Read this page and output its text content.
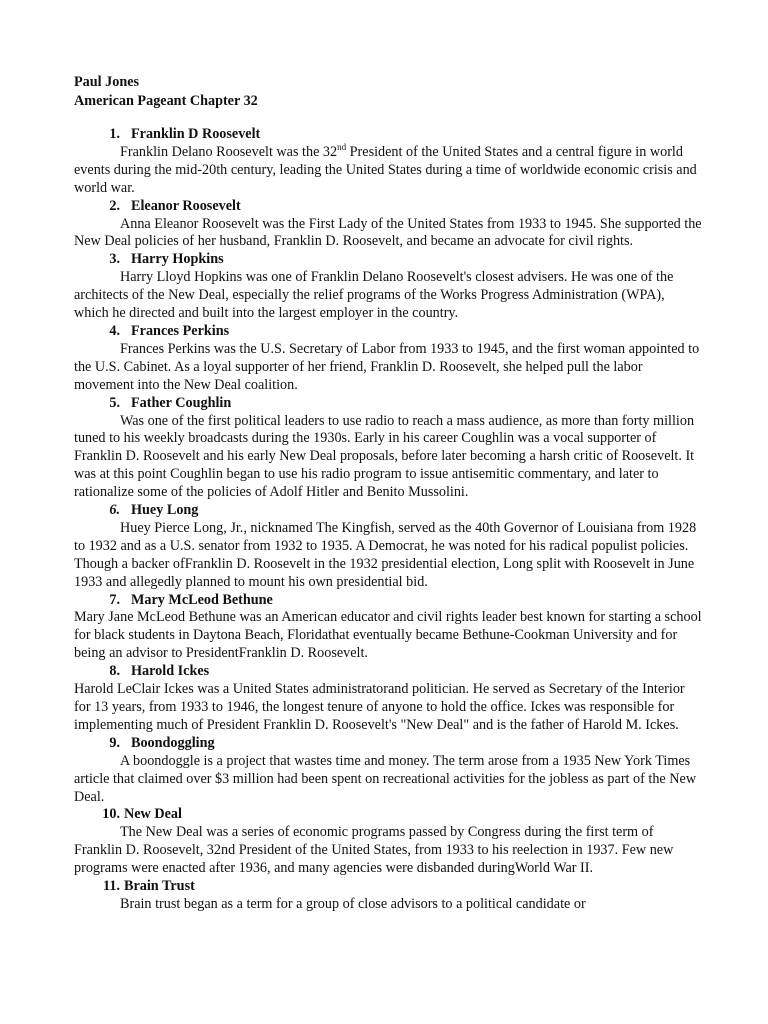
Paul Jones
American Pageant Chapter 32
1. Franklin D Roosevelt

Franklin Delano Roosevelt was the 32nd President of the United States and a central figure in world events during the mid-20th century, leading the United States during a time of worldwide economic crisis and world war.

2. Eleanor Roosevelt

Anna Eleanor Roosevelt was the First Lady of the United States from 1933 to 1945. She supported the New Deal policies of her husband, Franklin D. Roosevelt, and became an advocate for civil rights.

3. Harry Hopkins

Harry Lloyd Hopkins was one of Franklin Delano Roosevelt's closest advisers. He was one of the architects of the New Deal, especially the relief programs of the Works Progress Administration (WPA), which he directed and built into the largest employer in the country.

4. Frances Perkins

Frances Perkins was the U.S. Secretary of Labor from 1933 to 1945, and the first woman appointed to the U.S. Cabinet. As a loyal supporter of her friend, Franklin D. Roosevelt, she helped pull the labor movement into the New Deal coalition.

5. Father Coughlin

Was one of the first political leaders to use radio to reach a mass audience, as more than forty million tuned to his weekly broadcasts during the 1930s. Early in his career Coughlin was a vocal supporter of Franklin D. Roosevelt and his early New Deal proposals, before later becoming a harsh critic of Roosevelt. It was at this point Coughlin began to use his radio program to issue antisemitic commentary, and later to rationalize some of the policies of Adolf Hitler and Benito Mussolini.

6. Huey Long

Huey Pierce Long, Jr., nicknamed The Kingfish, served as the 40th Governor of Louisiana from 1928 to 1932 and as a U.S. senator from 1932 to 1935. A Democrat, he was noted for his radical populist policies. Though a backer ofFranklin D. Roosevelt in the 1932 presidential election, Long split with Roosevelt in June 1933 and allegedly planned to mount his own presidential bid.

7. Mary McLeod Bethune

Mary Jane McLeod Bethune was an American educator and civil rights leader best known for starting a school for black students in Daytona Beach, Floridathat eventually became Bethune-Cookman University and for being an advisor to PresidentFranklin D. Roosevelt.

8. Harold Ickes

Harold LeClair Ickes was a United States administratorand politician. He served as Secretary of the Interior for 13 years, from 1933 to 1946, the longest tenure of anyone to hold the office. Ickes was responsible for implementing much of President Franklin D. Roosevelt's "New Deal" and is the father of Harold M. Ickes.

9. Boondoggling

A boondoggle is a project that wastes time and money. The term arose from a 1935 New York Times article that claimed over $3 million had been spent on recreational activities for the jobless as part of the New Deal.

10. New Deal

The New Deal was a series of economic programs passed by Congress during the first term of Franklin D. Roosevelt, 32nd President of the United States, from 1933 to his reelection in 1937. Few new programs were enacted after 1936, and many agencies were disbanded duringWorld War II.

11. Brain Trust

Brain trust began as a term for a group of close advisors to a political candidate or
